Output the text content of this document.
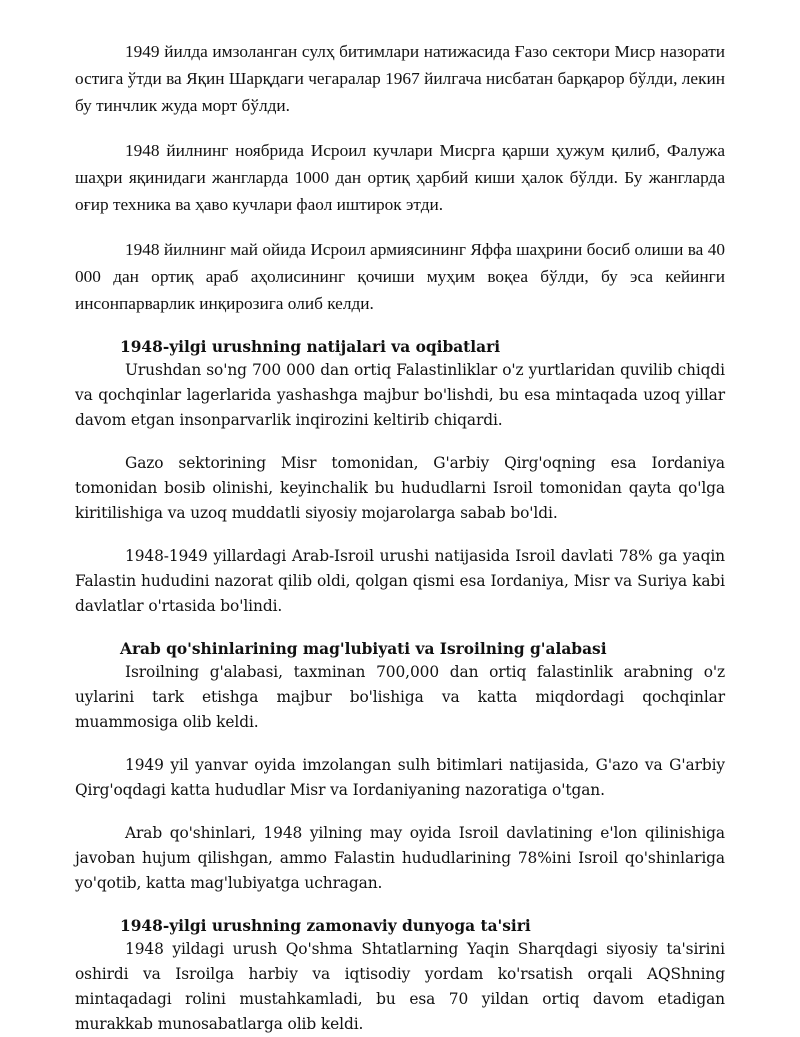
1949 йилда имзоланган сулҳ битимлари натижасида Ғазо сектори Миср назорати остига ўтди ва Яқин Шарқдаги чегаралар 1967 йилгача нисбатан барқарор бўлди, лекин бу тинчлик жуда морт бўлди.

1948 йилнинг ноябрида Исроил кучлари Мисрга қарши ҳужум қилиб, Фалужа шаҳри яқинидаги жангларда 1000 дан ортиқ ҳарбий киши ҳалок бўлди. Бу жангларда оғир техника ва ҳаво кучлари фаол иштирок этди.

1948 йилнинг май ойида Исроил армиясининг Яффа шаҳрини босиб олиши ва 40 000 дан ортиқ араб аҳолисининг қочиши муҳим воқеа бўлди, бу эса кейинги инсонпарварлик инқирозига олиб келди.

1948-yilgi urushning natijalari va oqibatlari

Urushdan so'ng 700 000 dan ortiq Falastinliklar o'z yurtlaridan quvilib chiqdi va qochqinlar lagerlarida yashashga majbur bo'lishdi, bu esa mintaqada uzoq yillar davom etgan insonparvarlik inqirozini keltirib chiqardi.

Gazo sektorining Misr tomonidan, G'arbiy Qirg'oqning esa Iordaniya tomonidan bosib olinishi, keyinchalik bu hududlarni Isroil tomonidan qayta qo'lga kiritilishiga va uzoq muddatli siyosiy mojarolarga sabab bo'ldi.

1948-1949 yillardagi Arab-Isroil urushi natijasida Isroil davlati 78% ga yaqin Falastin hududini nazorat qilib oldi, qolgan qismi esa Iordaniya, Misr va Suriya kabi davlatlar o'rtasida bo'lindi.

Arab qo'shinlarining mag'lubiyati va Isroilning g'alabasi

Isroilning g'alabasi, taxminan 700,000 dan ortiq falastinlik arabning o'z uylarini tark etishga majbur bo'lishiga va katta miqdordagi qochqinlar muammosiga olib keldi.

1949 yil yanvar oyida imzolangan sulh bitimlari natijasida, G'azo va G'arbiy Qirg'oqdagi katta hududlar Misr va Iordaniyaning nazoratiga o'tgan.

Arab qo'shinlari, 1948 yilning may oyida Isroil davlatining e'lon qilinishiga javoban hujum qilishgan, ammo Falastin hududlarining 78%ini Isroil qo'shinlariga yo'qotib, katta mag'lubiyatga uchragan.

1948-yilgi urushning zamonaviy dunyoga ta'siri

1948 yildagi urush Qo'shma Shtatlarning Yaqin Sharqdagi siyosiy ta'sirini oshirdi va Isroilga harbiy va iqtisodiy yordam ko'rsatish orqali AQShning mintaqadagi rolini mustahkamladi, bu esa 70 yildan ortiq davom etadigan murakkab munosabatlarga olib keldi.
